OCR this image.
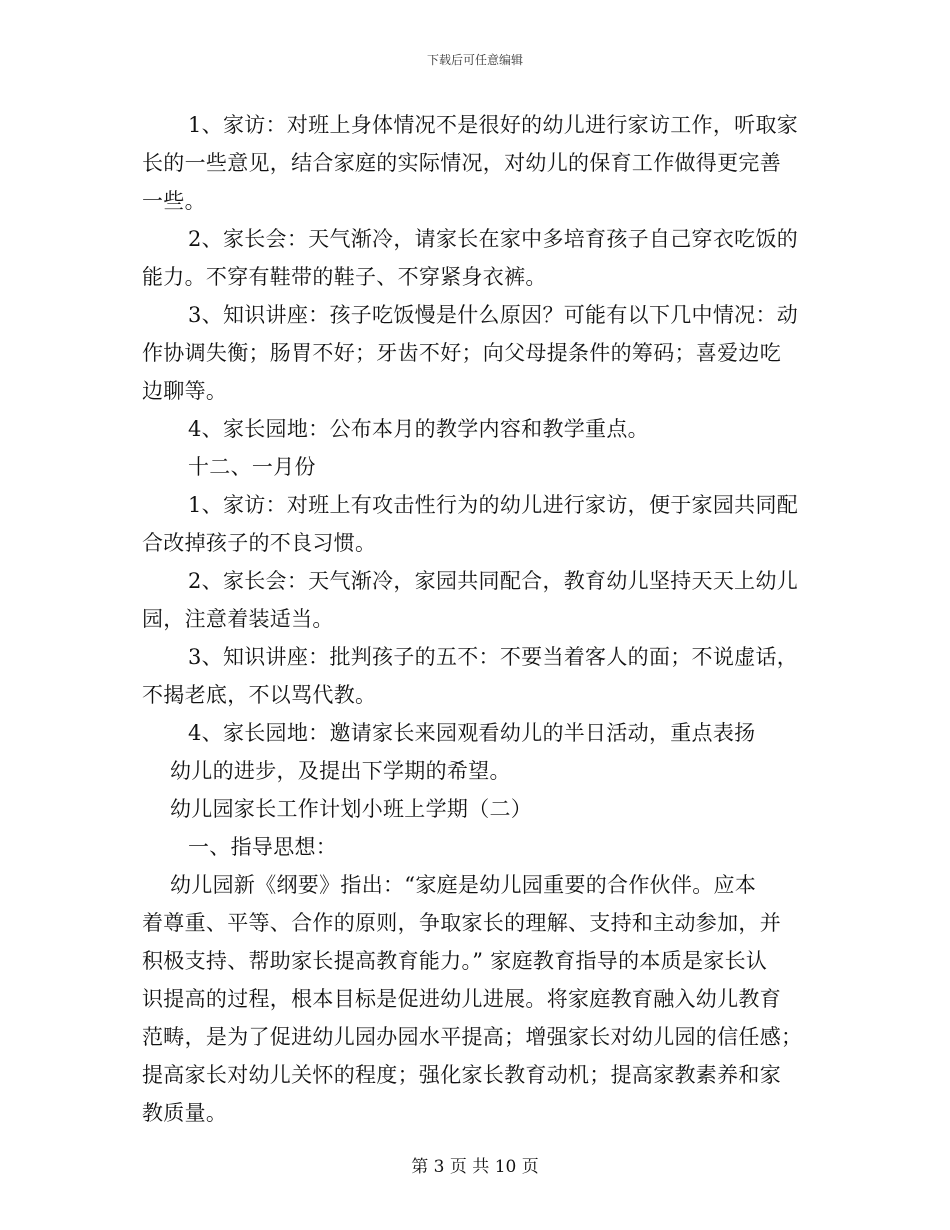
下载后可任意编辑
1、家访：对班上身体情况不是很好的幼儿进行家访工作，听取家
长的一些意见，结合家庭的实际情况，对幼儿的保育工作做得更完善
一些。
2、家长会：天气渐冷，请家长在家中多培育孩子自己穿衣吃饭的
能力。不穿有鞋带的鞋子、不穿紧身衣裤。
3、知识讲座：孩子吃饭慢是什么原因？可能有以下几中情况：动
作协调失衡；肠胃不好；牙齿不好；向父母提条件的筹码；喜爱边吃
边聊等。
4、家长园地：公布本月的教学内容和教学重点。
十二、一月份
1、家访：对班上有攻击性行为的幼儿进行家访，便于家园共同配
合改掉孩子的不良习惯。
2、家长会：天气渐冷，家园共同配合，教育幼儿坚持天天上幼儿
园，注意着装适当。
3、知识讲座：批判孩子的五不：不要当着客人的面；不说虚话，
不揭老底，不以骂代教。
4、家长园地：邀请家长来园观看幼儿的半日活动，重点表扬
幼儿的进步，及提出下学期的希望。
幼儿园家长工作计划小班上学期（二）
一、指导思想：
幼儿园新《纲要》指出：“家庭是幼儿园重要的合作伙伴。应本
着尊重、平等、合作的原则，争取家长的理解、支持和主动参加，并
积极支持、帮助家长提高教育能力。” 家庭教育指导的本质是家长认
识提高的过程，根本目标是促进幼儿进展。将家庭教育融入幼儿教育
范畴，是为了促进幼儿园办园水平提高；增强家长对幼儿园的信任感；
提高家长对幼儿关怀的程度；强化家长教育动机；提高家教素养和家
教质量。
第 3 页 共 10 页
